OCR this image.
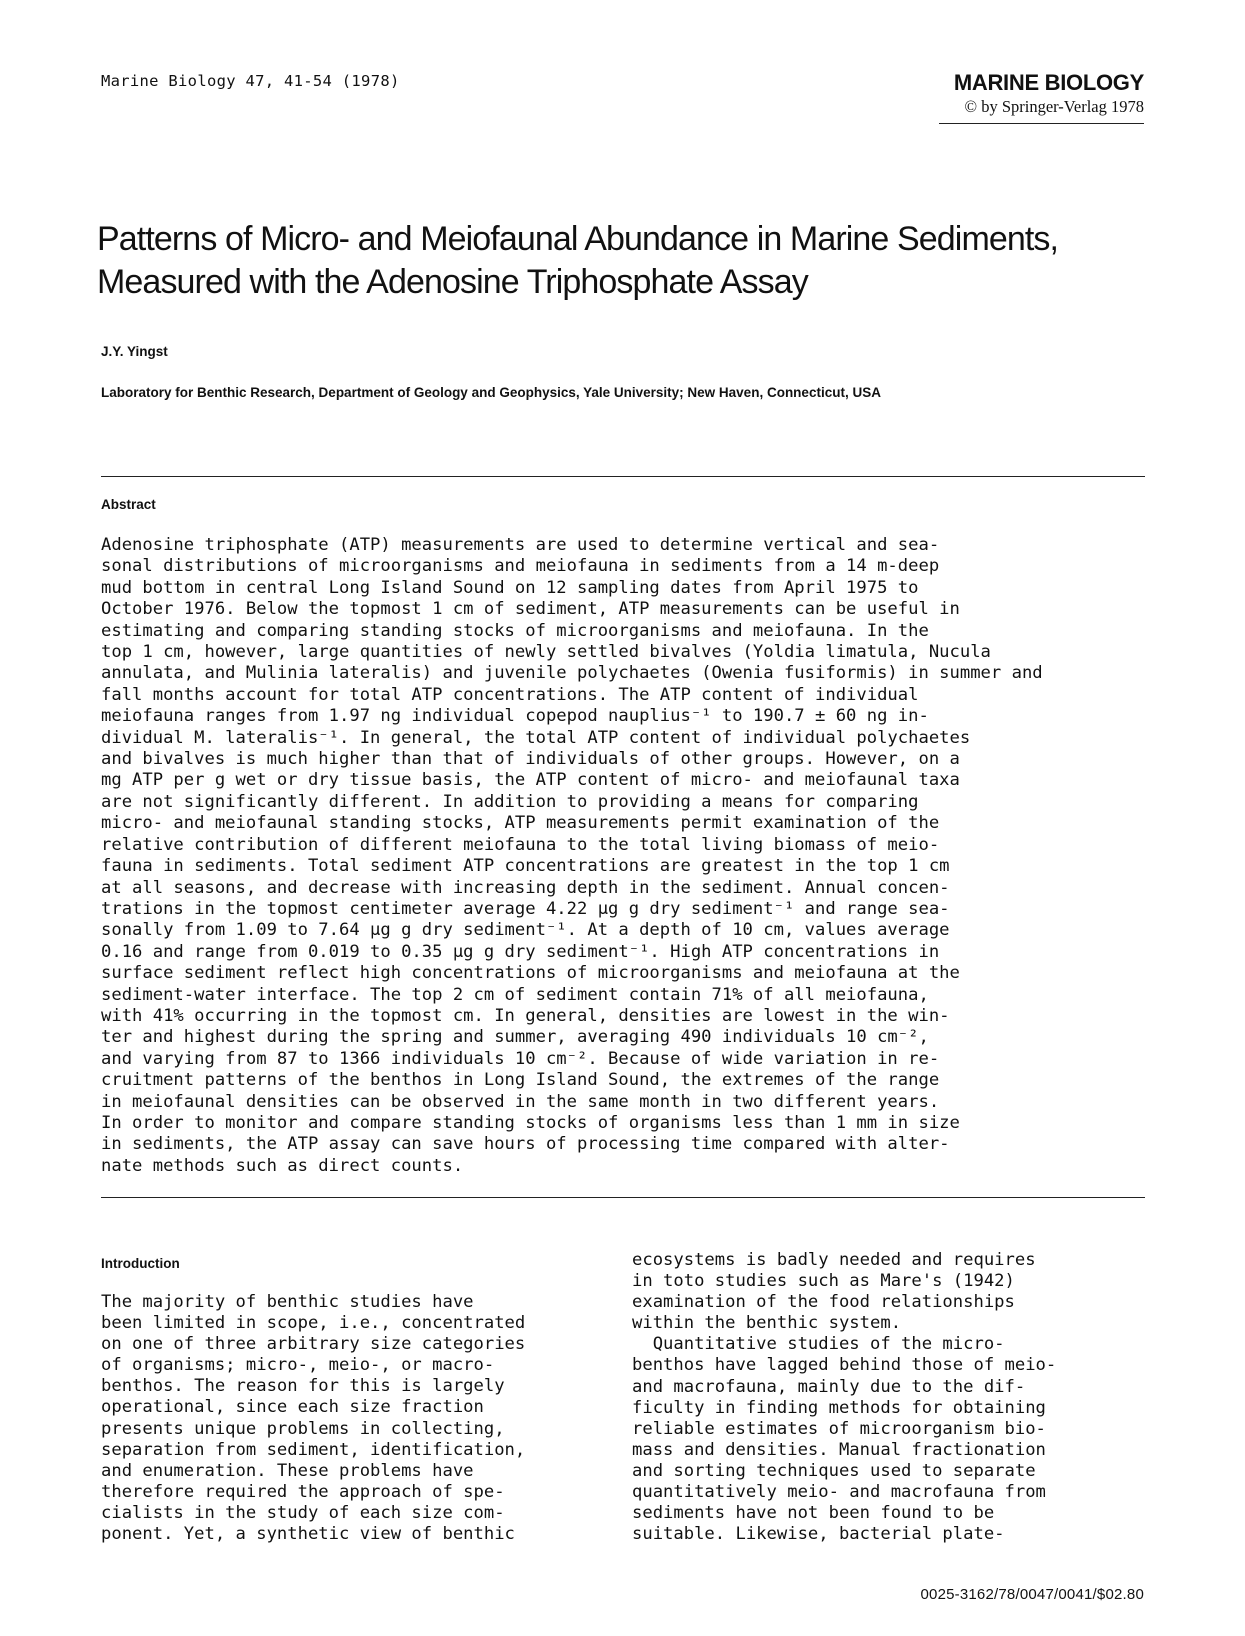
Marine Biology 47, 41-54 (1978)	MARINE BIOLOGY
© by Springer-Verlag 1978
Patterns of Micro- and Meiofaunal Abundance in Marine Sediments,
Measured with the Adenosine Triphosphate Assay
J.Y. Yingst
Laboratory for Benthic Research, Department of Geology and Geophysics, Yale University; New Haven, Connecticut, USA
Abstract
Adenosine triphosphate (ATP) measurements are used to determine vertical and sea-
sonal distributions of microorganisms and meiofauna in sediments from a 14 m-deep
mud bottom in central Long Island Sound on 12 sampling dates from April 1975 to
October 1976. Below the topmost 1 cm of sediment, ATP measurements can be useful in
estimating and comparing standing stocks of microorganisms and meiofauna. In the
top 1 cm, however, large quantities of newly settled bivalves (Yoldia limatula, Nucula
annulata, and Mulinia lateralis) and juvenile polychaetes (Owenia fusiformis) in summer and
fall months account for total ATP concentrations. The ATP content of individual
meiofauna ranges from 1.97 ng individual copepod nauplius⁻¹ to 190.7 ± 60 ng in-
dividual M. lateralis⁻¹. In general, the total ATP content of individual polychaetes
and bivalves is much higher than that of individuals of other groups. However, on a
mg ATP per g wet or dry tissue basis, the ATP content of micro- and meiofaunal taxa
are not significantly different. In addition to providing a means for comparing
micro- and meiofaunal standing stocks, ATP measurements permit examination of the
relative contribution of different meiofauna to the total living biomass of meio-
fauna in sediments. Total sediment ATP concentrations are greatest in the top 1 cm
at all seasons, and decrease with increasing depth in the sediment. Annual concen-
trations in the topmost centimeter average 4.22 µg g dry sediment⁻¹ and range sea-
sonally from 1.09 to 7.64 µg g dry sediment⁻¹. At a depth of 10 cm, values average
0.16 and range from 0.019 to 0.35 µg g dry sediment⁻¹. High ATP concentrations in
surface sediment reflect high concentrations of microorganisms and meiofauna at the
sediment-water interface. The top 2 cm of sediment contain 71% of all meiofauna,
with 41% occurring in the topmost cm. In general, densities are lowest in the win-
ter and highest during the spring and summer, averaging 490 individuals 10 cm⁻²,
and varying from 87 to 1366 individuals 10 cm⁻². Because of wide variation in re-
cruitment patterns of the benthos in Long Island Sound, the extremes of the range
in meiofaunal densities can be observed in the same month in two different years.
In order to monitor and compare standing stocks of organisms less than 1 mm in size
in sediments, the ATP assay can save hours of processing time compared with alter-
nate methods such as direct counts.
Introduction
The majority of benthic studies have
been limited in scope, i.e., concentrated
on one of three arbitrary size categories
of organisms; micro-, meio-, or macro-
benthos. The reason for this is largely
operational, since each size fraction
presents unique problems in collecting,
separation from sediment, identification,
and enumeration. These problems have
therefore required the approach of spe-
cialists in the study of each size com-
ponent. Yet, a synthetic view of benthic
ecosystems is badly needed and requires
in toto studies such as Mare's (1942)
examination of the food relationships
within the benthic system.
Quantitative studies of the micro-
benthos have lagged behind those of meio-
and macrofauna, mainly due to the dif-
ficulty in finding methods for obtaining
reliable estimates of microorganism bio-
mass and densities. Manual fractionation
and sorting techniques used to separate
quantitatively meio- and macrofauna from
sediments have not been found to be
suitable. Likewise, bacterial plate-
0025-3162/78/0047/0041/$02.80
